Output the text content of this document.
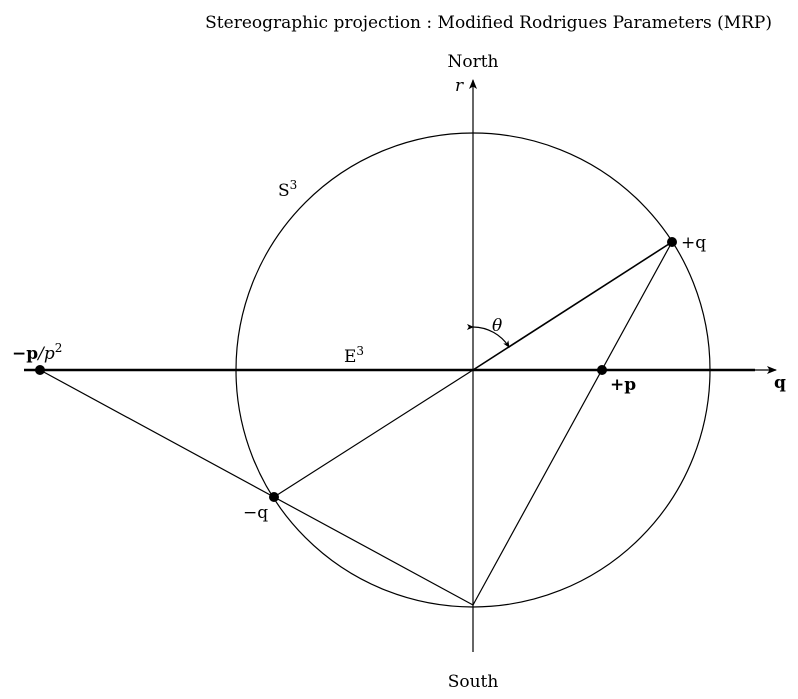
Stereographic projection : Modified Rodrigues Parameters (MRP)
North
South
r
q
$S^3$
$E^3$
θ
+q
−q
+p
$-p/p^2$
